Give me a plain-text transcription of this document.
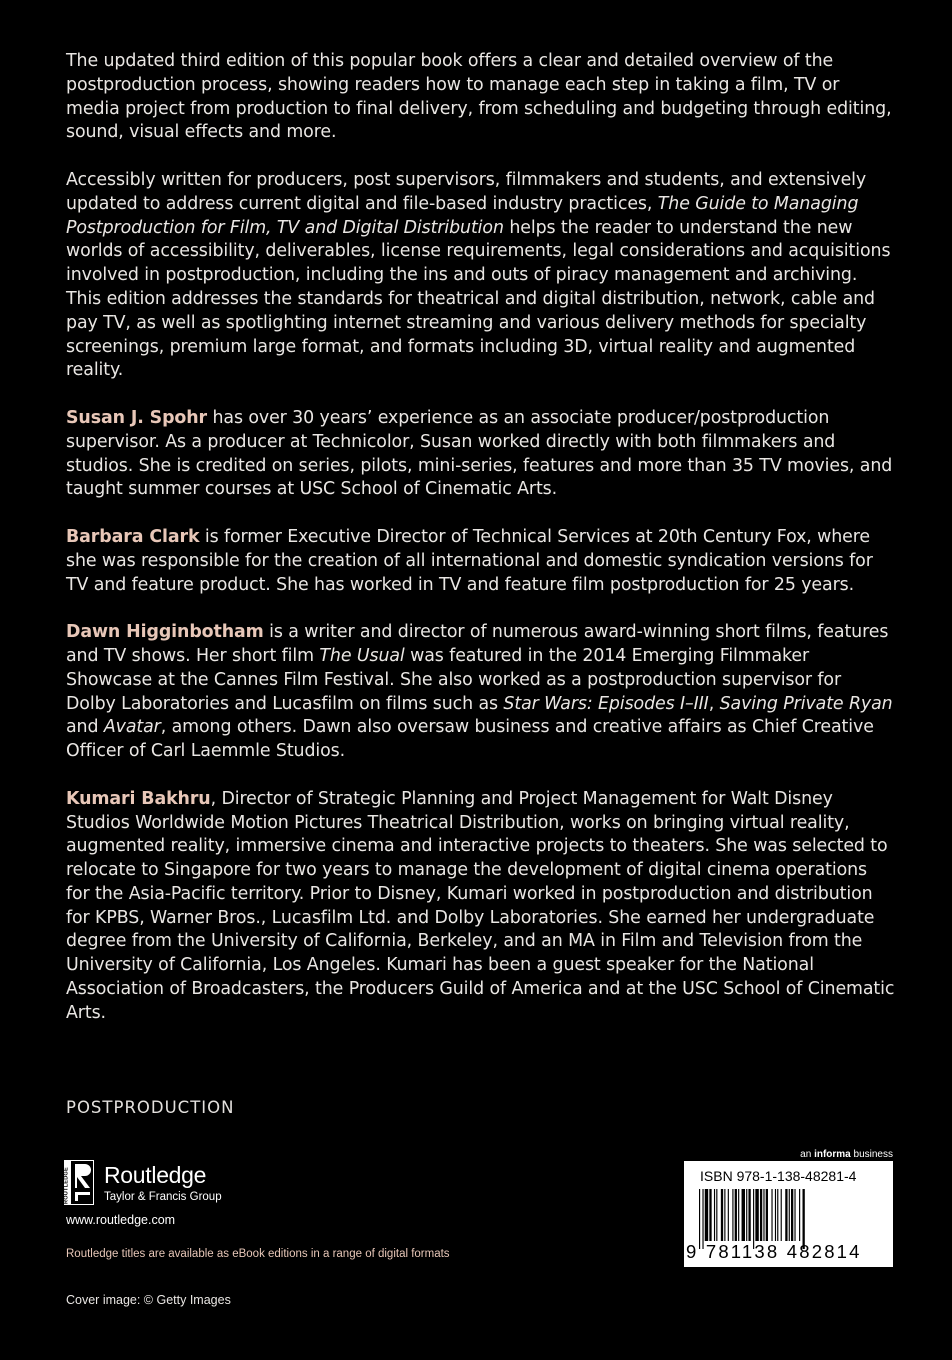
The updated third edition of this popular book offers a clear and detailed overview of the postproduction process, showing readers how to manage each step in taking a film, TV or media project from production to final delivery, from scheduling and budgeting through editing, sound, visual effects and more.

Accessibly written for producers, post supervisors, filmmakers and students, and extensively updated to address current digital and file-based industry practices, The Guide to Managing Postproduction for Film, TV and Digital Distribution helps the reader to understand the new worlds of accessibility, deliverables, license requirements, legal considerations and acquisitions involved in postproduction, including the ins and outs of piracy management and archiving. This edition addresses the standards for theatrical and digital distribution, network, cable and pay TV, as well as spotlighting internet streaming and various delivery methods for specialty screenings, premium large format, and formats including 3D, virtual reality and augmented reality.

Susan J. Spohr has over 30 years’ experience as an associate producer/postproduction supervisor. As a producer at Technicolor, Susan worked directly with both filmmakers and studios. She is credited on series, pilots, mini-series, features and more than 35 TV movies, and taught summer courses at USC School of Cinematic Arts.

Barbara Clark is former Executive Director of Technical Services at 20th Century Fox, where she was responsible for the creation of all international and domestic syndication versions for TV and feature product. She has worked in TV and feature film postproduction for 25 years.

Dawn Higginbotham is a writer and director of numerous award-winning short films, features and TV shows. Her short film The Usual was featured in the 2014 Emerging Filmmaker Showcase at the Cannes Film Festival. She also worked as a postproduction supervisor for Dolby Laboratories and Lucasfilm on films such as Star Wars: Episodes I–III, Saving Private Ryan and Avatar, among others. Dawn also oversaw business and creative affairs as Chief Creative Officer of Carl Laemmle Studios.

Kumari Bakhru, Director of Strategic Planning and Project Management for Walt Disney Studios Worldwide Motion Pictures Theatrical Distribution, works on bringing virtual reality, augmented reality, immersive cinema and interactive projects to theaters. She was selected to relocate to Singapore for two years to manage the development of digital cinema operations for the Asia-Pacific territory. Prior to Disney, Kumari worked in postproduction and distribution for KPBS, Warner Bros., Lucasfilm Ltd. and Dolby Laboratories. She earned her undergraduate degree from the University of California, Berkeley, and an MA in Film and Television from the University of California, Los Angeles. Kumari has been a guest speaker for the National Association of Broadcasters, the Producers Guild of America and at the USC School of Cinematic Arts.

POSTPRODUCTION
ROUTLEDGE Routledge
Taylor & Francis Group
www.routledge.com
Routledge titles are available as eBook editions in a range of digital formats
Cover image: © Getty Images
an informa business
ISBN 978-1-138-48281-4
9 781138 482814
